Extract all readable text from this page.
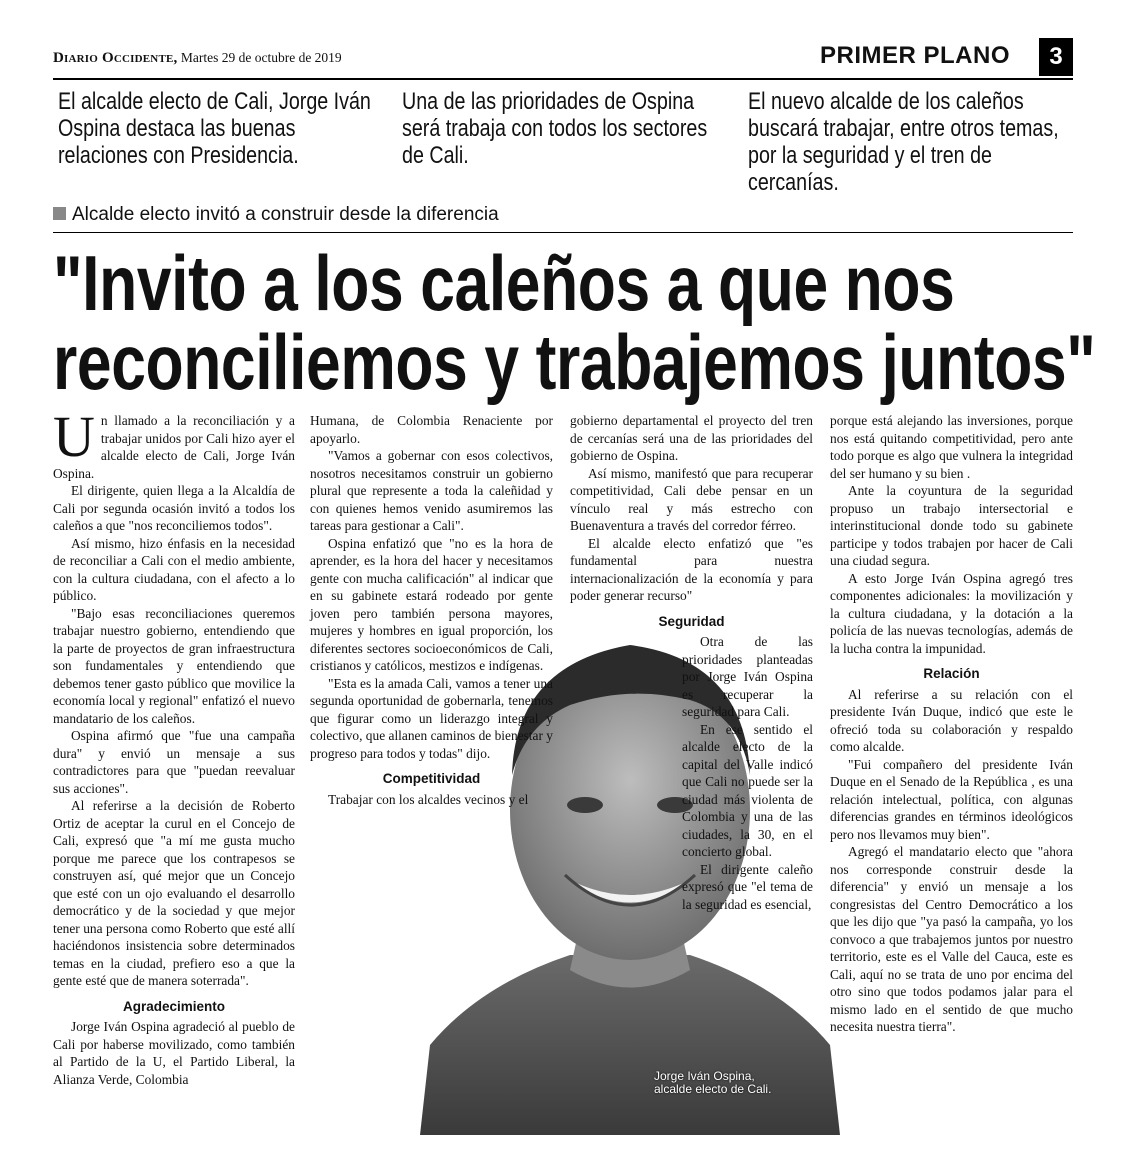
Diario Occidente, Martes 29 de octubre de 2019	PRIMER PLANO	3
El alcalde electo de Cali, Jorge Iván Ospina destaca las buenas relaciones con Presidencia.
Una de las prioridades de Ospina será trabaja con todos los sectores de Cali.
El nuevo alcalde de los caleños buscará trabajar, entre otros temas, por la seguridad y el tren de cercanías.
Alcalde electo invitó a construir desde la diferencia
"Invito a los caleños a que nos
reconciliemos y trabajemos juntos"
Jorge Iván Ospina, alcalde electo de Cali.

Un llamado a la reconciliación y a trabajar unidos por Cali hizo ayer el alcalde electo de Cali, Jorge Iván Ospina.

El dirigente, quien llega a la Alcaldía de Cali por segunda ocasión invitó a todos los caleños a que "nos reconciliemos todos".

Así mismo, hizo énfasis en la necesidad de reconciliar a Cali con el medio ambiente, con la cultura ciudadana, con el afecto a lo público.

"Bajo esas reconciliaciones queremos trabajar nuestro gobierno, entendiendo que la parte de proyectos de gran infraestructura son fundamentales y entendiendo que debemos tener gasto público que movilice la economía local y regional" enfatizó el nuevo mandatario de los caleños.

Ospina afirmó que "fue una campaña dura" y envió un mensaje a sus contradictores para que "puedan reevaluar sus acciones".

Al referirse a la decisión de Roberto Ortiz de aceptar la curul en el Concejo de Cali, expresó que "a mí me gusta mucho porque me parece que los contrapesos se construyen así, qué mejor que un Concejo que esté con un ojo evaluando el desarrollo democrático y de la sociedad y que mejor tener una persona como Roberto que esté allí haciéndonos insistencia sobre determinados temas en la ciudad, prefiero eso a que la gente esté que de manera soterrada".

Agradecimiento

Jorge Iván Ospina agradeció al pueblo de Cali por haberse movilizado, como también al Partido de la U, el Partido Liberal, la Alianza Verde, Colombia

Humana, de Colombia Renaciente por apoyarlo.

"Vamos a gobernar con esos colectivos, nosotros necesitamos construir un gobierno plural que represente a toda la caleñidad y con quienes hemos venido asumiremos las tareas para gestionar a Cali".

Ospina enfatizó que "no es la hora de aprender, es la hora del hacer y necesitamos gente con mucha calificación" al indicar que en su gabinete estará rodeado por gente joven pero también persona mayores, mujeres y hombres en igual proporción, los diferentes sectores socioeconómicos de Cali, cristianos y católicos, mestizos e indígenas.

"Esta es la amada Cali, vamos a tener una segunda oportunidad de gobernarla, tenemos que figurar como un liderazgo integral y colectivo, que allanen caminos de bienestar y progreso para todos y todas" dijo.

Competitividad

Trabajar con los alcaldes vecinos y el

gobierno departamental el proyecto del tren de cercanías será una de las prioridades del gobierno de Ospina.

Así mismo, manifestó que para recuperar competitividad, Cali debe pensar en un vínculo real y más estrecho con Buenaventura a través del corredor férreo.

El alcalde electo enfatizó que "es fundamental para nuestra internacionalización de la economía y para poder generar recurso"

Seguridad

Otra de las prioridades planteadas por Jorge Iván Ospina es recuperar la seguridad para Cali.

En ese sentido el alcalde electo de la capital del Valle indicó que Cali no puede ser la ciudad más violenta de Colombia y una de las ciudades, la 30, en el concierto global.

El dirigente caleño expresó que "el tema de la seguridad es esencial,

porque está alejando las inversiones, porque nos está quitando competitividad, pero ante todo porque es algo que vulnera la integridad del ser humano y su bien .

Ante la coyuntura de la seguridad propuso un trabajo intersectorial e interinstitucional donde todo su gabinete participe y todos trabajen por hacer de Cali una ciudad segura.

A esto Jorge Iván Ospina agregó tres componentes adicionales: la movilización y la cultura ciudadana, y la dotación a la policía de las nuevas tecnologías, además de la lucha contra la impunidad.

Relación

Al referirse a su relación con el presidente Iván Duque, indicó que este le ofreció toda su colaboración y respaldo como alcalde.

"Fui compañero del presidente Iván Duque en el Senado de la República , es una relación intelectual, política, con algunas diferencias grandes en términos ideológicos pero nos llevamos muy bien".

Agregó el mandatario electo que "ahora nos corresponde construir desde la diferencia" y envió un mensaje a los congresistas del Centro Democrático a los que les dijo que "ya pasó la campaña, yo los convoco a que trabajemos juntos por nuestro territorio, este es el Valle del Cauca, este es Cali, aquí no se trata de uno por encima del otro sino que todos podamos jalar para el mismo lado en el sentido de que mucho necesita nuestra tierra".
